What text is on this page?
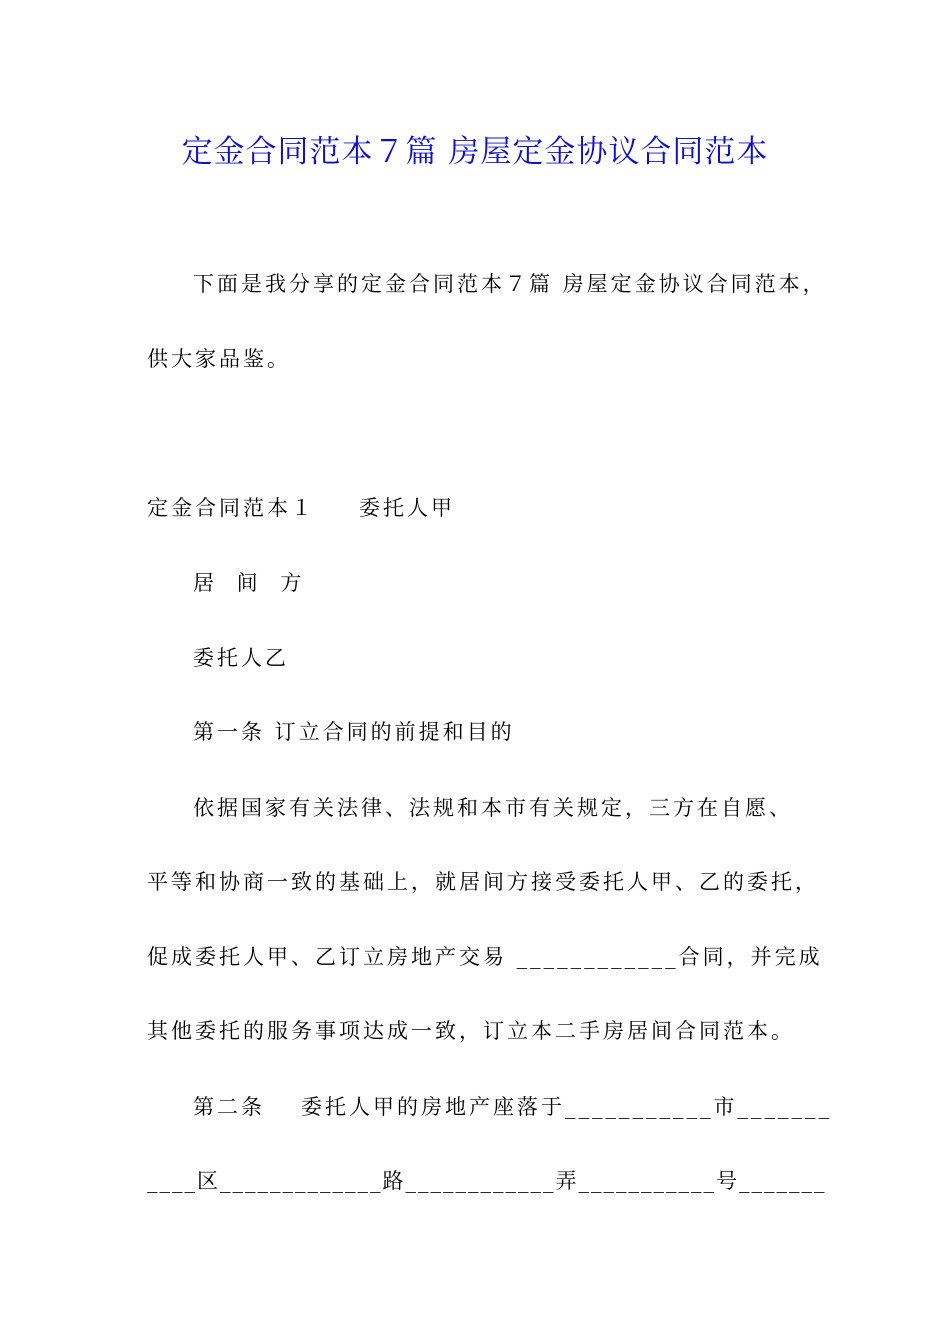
定金合同范本７篇 房屋定金协议合同范本
下面是我分享的定金合同范本７篇 房屋定金协议合同范本，
供大家品鉴。
定金合同范本１ 委托人甲
居 间 方
委托人乙
第一条 订立合同的前提和目的
依据国家有关法律、法规和本市有关规定，三方在自愿、
平等和协商一致的基础上，就居间方接受委托人甲、乙的委托，
促成委托人甲、乙订立房地产交易 ____________合同，并完成
其他委托的服务事项达成一致，订立本二手房居间合同范本。
第二条 委托人甲的房地产座落于___________市_______
____区_____________路____________弄___________号_______
